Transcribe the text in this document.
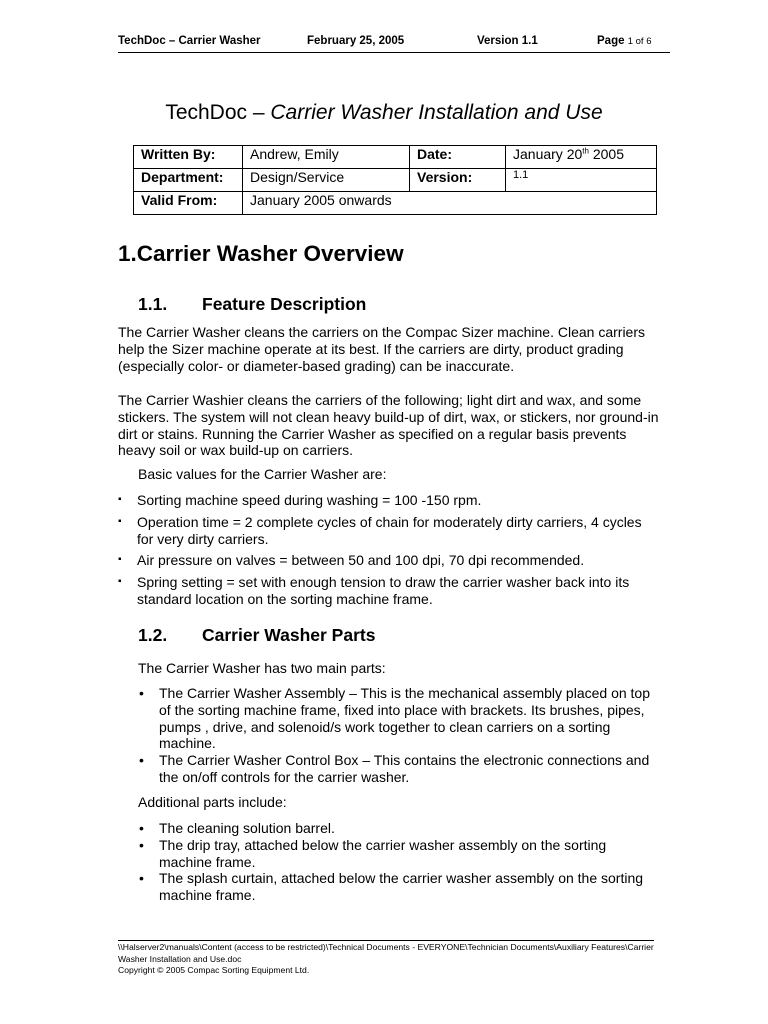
TechDoc – Carrier Washer	February 25, 2005	Version 1.1	Page 1 of 6
TechDoc – Carrier Washer Installation and Use
Written By:	Andrew, Emily	Date:	January 20th 2005
Department:	Design/Service	Version:	1.1
Valid From:	January 2005 onwards		
1.Carrier Washer Overview
1.1. Feature Description
The Carrier Washer cleans the carriers on the Compac Sizer machine. Clean carriers help the Sizer machine operate at its best. If the carriers are dirty, product grading (especially color- or diameter-based grading) can be inaccurate.
The Carrier Washier cleans the carriers of the following; light dirt and wax, and some stickers. The system will not clean heavy build-up of dirt, wax, or stickers, nor ground-in dirt or stains. Running the Carrier Washer as specified on a regular basis prevents heavy soil or wax build-up on carriers.
Basic values for the Carrier Washer are:
▪ Sorting machine speed during washing = 100 -150 rpm.
▪ Operation time = 2 complete cycles of chain for moderately dirty carriers, 4 cycles for very dirty carriers.
▪ Air pressure on valves = between 50 and 100 dpi, 70 dpi recommended.
▪ Spring setting = set with enough tension to draw the carrier washer back into its standard location on the sorting machine frame.
1.2. Carrier Washer Parts
The Carrier Washer has two main parts:
• The Carrier Washer Assembly – This is the mechanical assembly placed on top of the sorting machine frame, fixed into place with brackets. Its brushes, pipes, pumps , drive, and solenoid/s work together to clean carriers on a sorting machine.
• The Carrier Washer Control Box – This contains the electronic connections and the on/off controls for the carrier washer.
Additional parts include:
• The cleaning solution barrel.
• The drip tray, attached below the carrier washer assembly on the sorting machine frame.
• The splash curtain, attached below the carrier washer assembly on the sorting machine frame.
\\Halserver2\manuals\Content (access to be restricted)\Technical Documents - EVERYONE\Technician Documents\Auxiliary Features\Carrier Washer Installation and Use.doc
Copyright © 2005 Compac Sorting Equipment Ltd.
